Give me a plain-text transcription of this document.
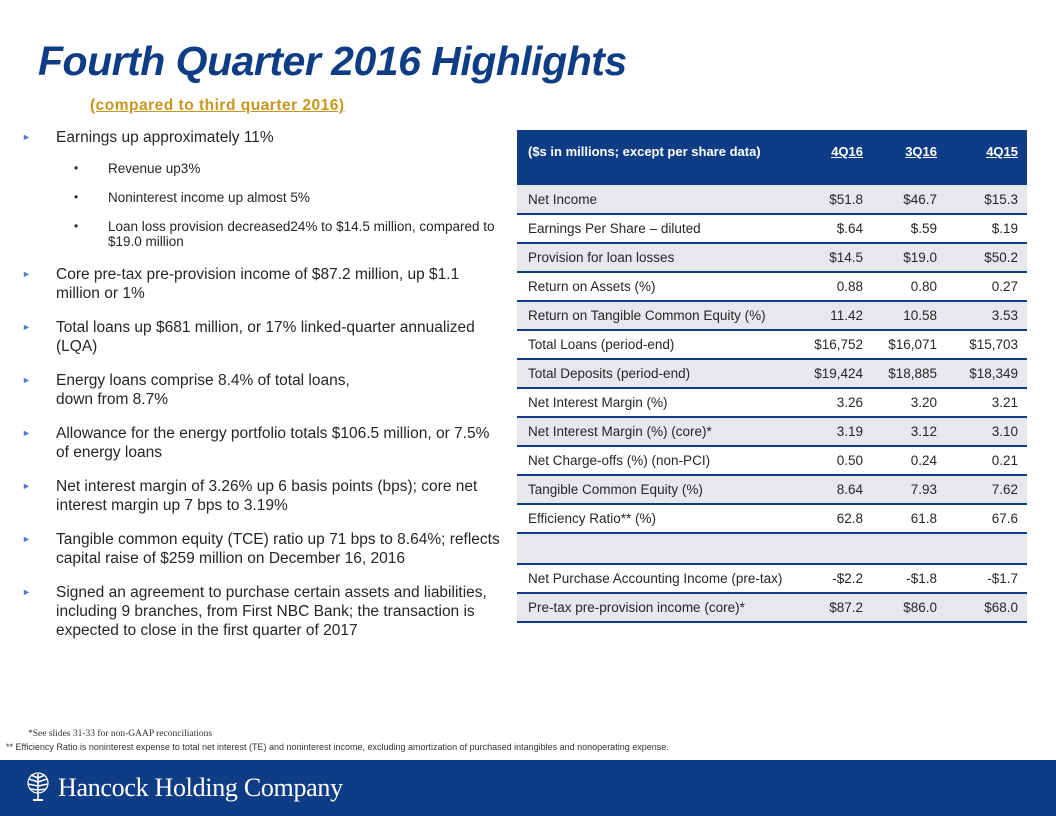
Fourth Quarter 2016 Highlights
(compared to third quarter 2016)
► Earnings up approximately 11%
• Revenue up3%
• Noninterest income up almost 5%
• Loan loss provision decreased24% to $14.5 million, compared to $19.0 million
► Core pre-tax pre-provision income of $87.2 million, up $1.1 million or 1%
► Total loans up $681 million, or 17% linked-quarter annualized (LQA)
► Energy loans comprise 8.4% of total loans, down from 8.7%
► Allowance for the energy portfolio totals $106.5 million, or 7.5% of energy loans
► Net interest margin of 3.26% up 6 basis points (bps); core net interest margin up 7 bps to 3.19%
► Tangible common equity (TCE) ratio up 71 bps to 8.64%; reflects capital raise of $259 million on December 16, 2016
► Signed an agreement to purchase certain assets and liabilities, including 9 branches, from First NBC Bank; the transaction is expected to close in the first quarter of 2017
($s in millions; except per share data)	4Q16	3Q16	4Q15
Net Income	$51.8	$46.7	$15.3
Earnings Per Share – diluted	$.64	$.59	$.19
Provision for loan losses	$14.5	$19.0	$50.2
Return on Assets (%)	0.88	0.80	0.27
Return on Tangible Common Equity (%)	11.42	10.58	3.53
Total Loans (period-end)	$16,752	$16,071	$15,703
Total Deposits (period-end)	$19,424	$18,885	$18,349
Net Interest Margin (%)	3.26	3.20	3.21
Net Interest Margin (%) (core)*	3.19	3.12	3.10
Net Charge-offs (%) (non-PCI)	0.50	0.24	0.21
Tangible Common Equity (%)	8.64	7.93	7.62
Efficiency Ratio** (%)	62.8	61.8	67.6

Net Purchase Accounting Income (pre-tax)	-$2.2	-$1.8	-$1.7
Pre-tax pre-provision income (core)*	$87.2	$86.0	$68.0
*See slides 31-33 for non-GAAP reconciliations
** Efficiency Ratio is noninterest expense to total net interest (TE) and noninterest income, excluding amortization of purchased intangibles and nonoperating expense.
Hancock Holding Company
